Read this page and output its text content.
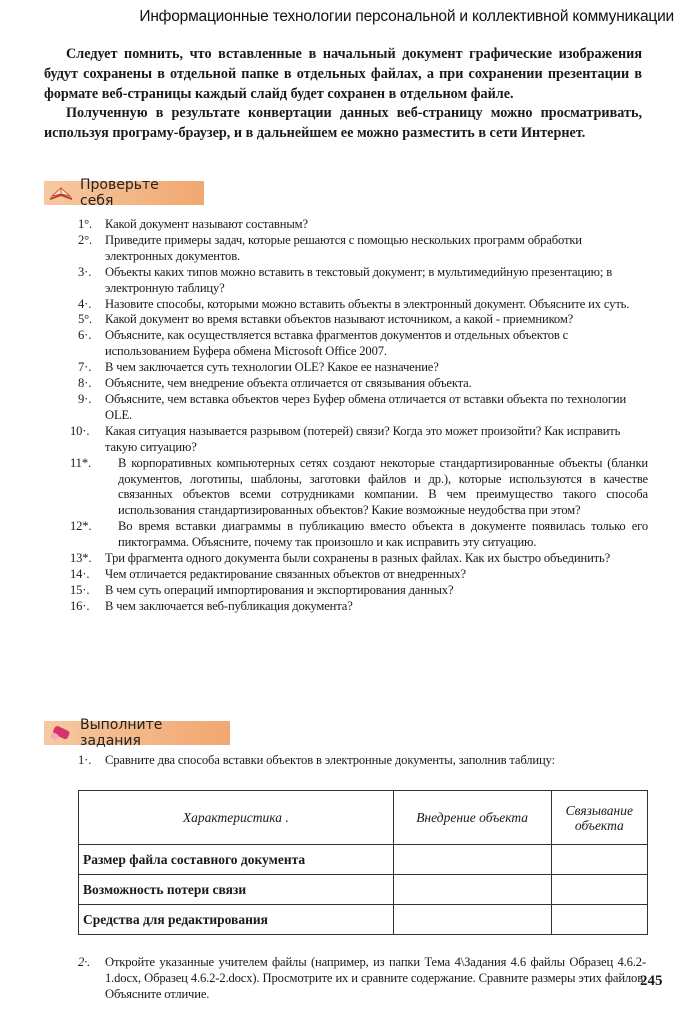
Информационные технологии персональной и коллективной коммуникации

Следует помнить, что вставленные в начальный документ графические изображения будут сохранены в отдельной папке в отдельных файлах, а при сохранении презентации в формате веб-страницы каждый слайд будет сохранен в отдельном файле.

Полученную в результате конвертации данных веб-страницу можно просматривать, используя програму-браузер, и в дальнейшем ее можно разместить в сети Интернет.

Проверьте себя
1°. Какой документ называют составным?
2°. Приведите примеры задач, которые решаются с помощью нескольких программ обработки электронных документов.
3·. Объекты каких типов можно вставить в текстовый документ; в мультимедийную презентацию; в электронную таблицу?
4·. Назовите способы, которыми можно вставить объекты в электронный документ. Объясните их суть.
5°. Какой документ во время вставки объектов называют источником, а какой - приемником?
6·. Объясните, как осуществляется вставка фрагментов документов и отдельных объектов с использованием Буфера обмена Microsoft Office 2007.
7·. В чем заключается суть технологии OLE? Какое ее назначение?
8·. Объясните, чем внедрение объекта отличается от связывания объекта.
9·. Объясните, чем вставка объектов через Буфер обмена отличается от вставки объекта по технологии OLE.
10·. Какая ситуация называется разрывом (потерей) связи? Когда это может произойти? Как исправить такую ситуацию?
11*. В корпоративных компьютерных сетях создают некоторые стандартизированные объекты (бланки документов, логотипы, шаблоны, заготовки файлов и др.), которые используются в качестве связанных объектов всеми сотрудниками компании. В чем преимущество такого способа использования стандартизированных объектов? Какие возможные неудобства при этом?
12*. Во время вставки диаграммы в публикацию вместо объекта в документе появилась только его пиктограмма. Объясните, почему так произошло и как исправить эту ситуацию.
13*. Три фрагмента одного документа были сохранены в разных файлах. Как их быстро объединить?
14·. Чем отличается редактирование связанных объектов от внедренных?
15·. В чем суть операций импортирования и экспортирования данных?
16·. В чем заключается веб-публикация документа?
Выполните задания
1·.	Сравните два способа вставки объектов в электронные документы, заполнив таблицу:
Характеристика .	Внедрение объекта	Связывание объекта
Размер файла составного документа		
Возможность потери связи		
Средства для редактирования		
2·.	Откройте указанные учителем файлы (например, из папки Тема 4\Задания 4.6 файлы Образец 4.6.2-1.docx, Образец 4.6.2-2.docx). Просмотрите их и сравните содержание. Сравните размеры этих файлов. Объясните отличие.
245
